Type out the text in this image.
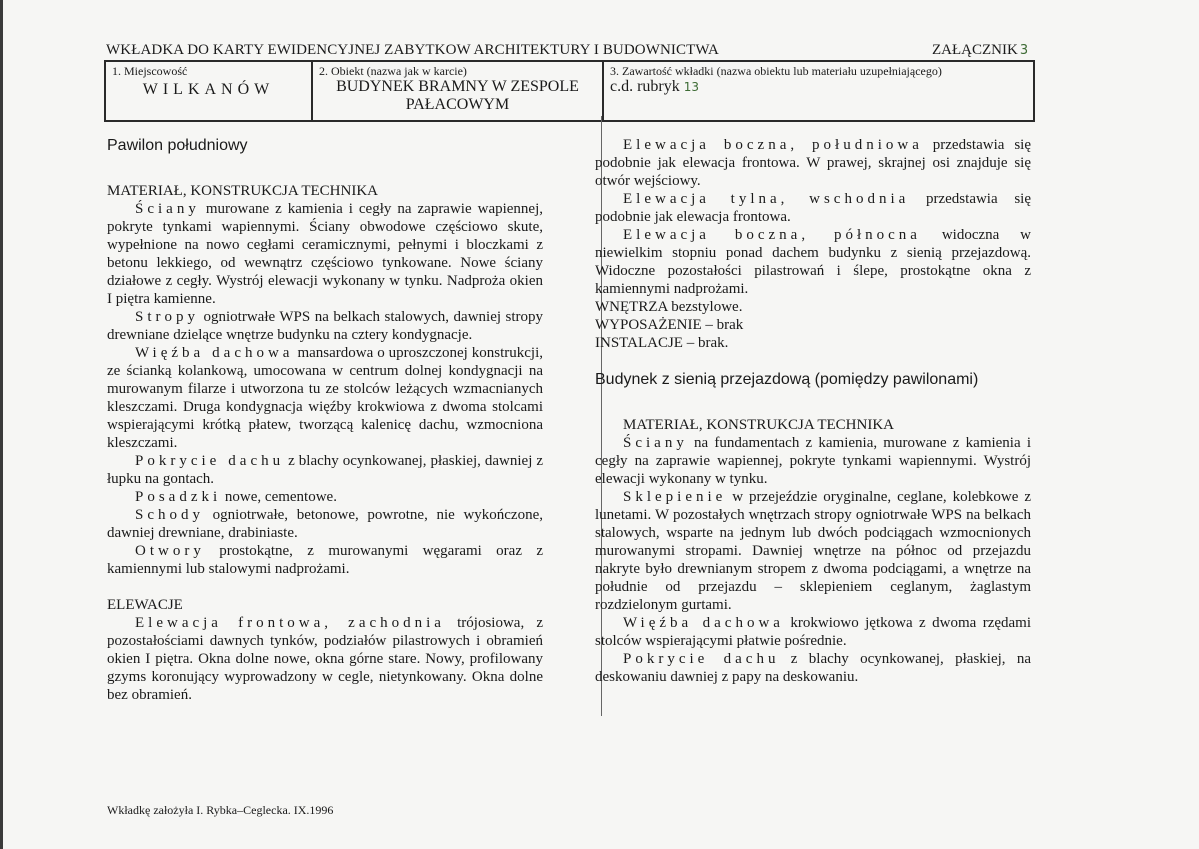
WKŁADKA DO KARTY EWIDENCYJNEJ ZABYTKOW ARCHITEKTURY I BUDOWNICTWA	ZAŁĄCZNIK 3
1. Miejscowość
WILKANÓW

2. Obiekt (nazwa jak w karcie)
BUDYNEK BRAMNY W ZESPOLE
PAŁACOWYM

3. Zawartość wkładki (nazwa obiektu lub materiału uzupełniającego)
c.d. rubryk 13

Pawilon południowy

MATERIAŁ, KONSTRUKCJA TECHNIKA

Ściany murowane z kamienia i cegły na zaprawie wapiennej, pokryte tynkami wapiennymi. Ściany obwodowe częściowo skute, wypełnione na nowo cegłami ceramicznymi, pełnymi i bloczkami z betonu lekkiego, od wewnątrz częściowo tynkowane. Nowe ściany działowe z cegły. Wystrój elewacji wykonany w tynku. Nadproża okien I piętra kamienne.

Stropy ogniotrwałe WPS na belkach stalowych, dawniej stropy drewniane dzielące wnętrze budynku na cztery kondygnacje.

Więźba dachowa mansardowa o uproszczonej konstrukcji, ze ścianką kolankową, umocowana w centrum dolnej kondygnacji na murowanym filarze i utworzona tu ze stolców leżących wzmacnianych kleszczami. Druga kondygnacja więźby krokwiowa z dwoma stolcami wspierającymi krótką płatew, tworzącą kalenicę dachu, wzmocniona kleszczami.

Pokrycie dachu z blachy ocynkowanej, płaskiej, dawniej z łupku na gontach.

Posadzki nowe, cementowe.

Schody ogniotrwałe, betonowe, powrotne, nie wykończone, dawniej drewniane, drabiniaste.

Otwory prostokątne, z murowanymi węgarami oraz z kamiennymi lub stalowymi nadprożami.

ELEWACJE

Elewacja frontowa, zachodnia trójosiowa, z pozostałościami dawnych tynków, podziałów pilastrowych i obramień okien I piętra. Okna dolne nowe, okna górne stare. Nowy, profilowany gzyms koronujący wyprowadzony w cegle, nietynkowany. Okna dolne bez obramień.

Elewacja boczna, południowa przedstawia się podobnie jak elewacja frontowa. W prawej, skrajnej osi znajduje się otwór wejściowy.

Elewacja tylna, wschodnia przedstawia się podobnie jak elewacja frontowa.

Elewacja boczna, północna widoczna w niewielkim stopniu ponad dachem budynku z sienią przejazdową. Widoczne pozostałości pilastrowań i ślepe, prostokątne okna z kamiennymi nadprożami.

WNĘTRZA bezstylowe.

WYPOSAŻENIE – brak

INSTALACJE – brak.

Budynek z sienią przejazdową (pomiędzy pawilonami)

MATERIAŁ, KONSTRUKCJA TECHNIKA

Ściany na fundamentach z kamienia, murowane z kamienia i cegły na zaprawie wapiennej, pokryte tynkami wapiennymi. Wystrój elewacji wykonany w tynku.

Sklepienie w przejeździe oryginalne, ceglane, kolebkowe z lunetami. W pozostałych wnętrzach stropy ogniotrwałe WPS na belkach stalowych, wsparte na jednym lub dwóch podciągach wzmocnionych murowanymi stropami. Dawniej wnętrze na północ od przejazdu nakryte było drewnianym stropem z dwoma podciągami, a wnętrze na południe od przejazdu – sklepieniem ceglanym, żaglastym rozdzielonym gurtami.

Więźba dachowa krokwiowo jętkowa z dwoma rzędami stolców wspierającymi płatwie pośrednie.

Pokrycie dachu z blachy ocynkowanej, płaskiej, na deskowaniu dawniej z papy na deskowaniu.

Wkładkę założyła I. Rybka–Ceglecka. IX.1996
